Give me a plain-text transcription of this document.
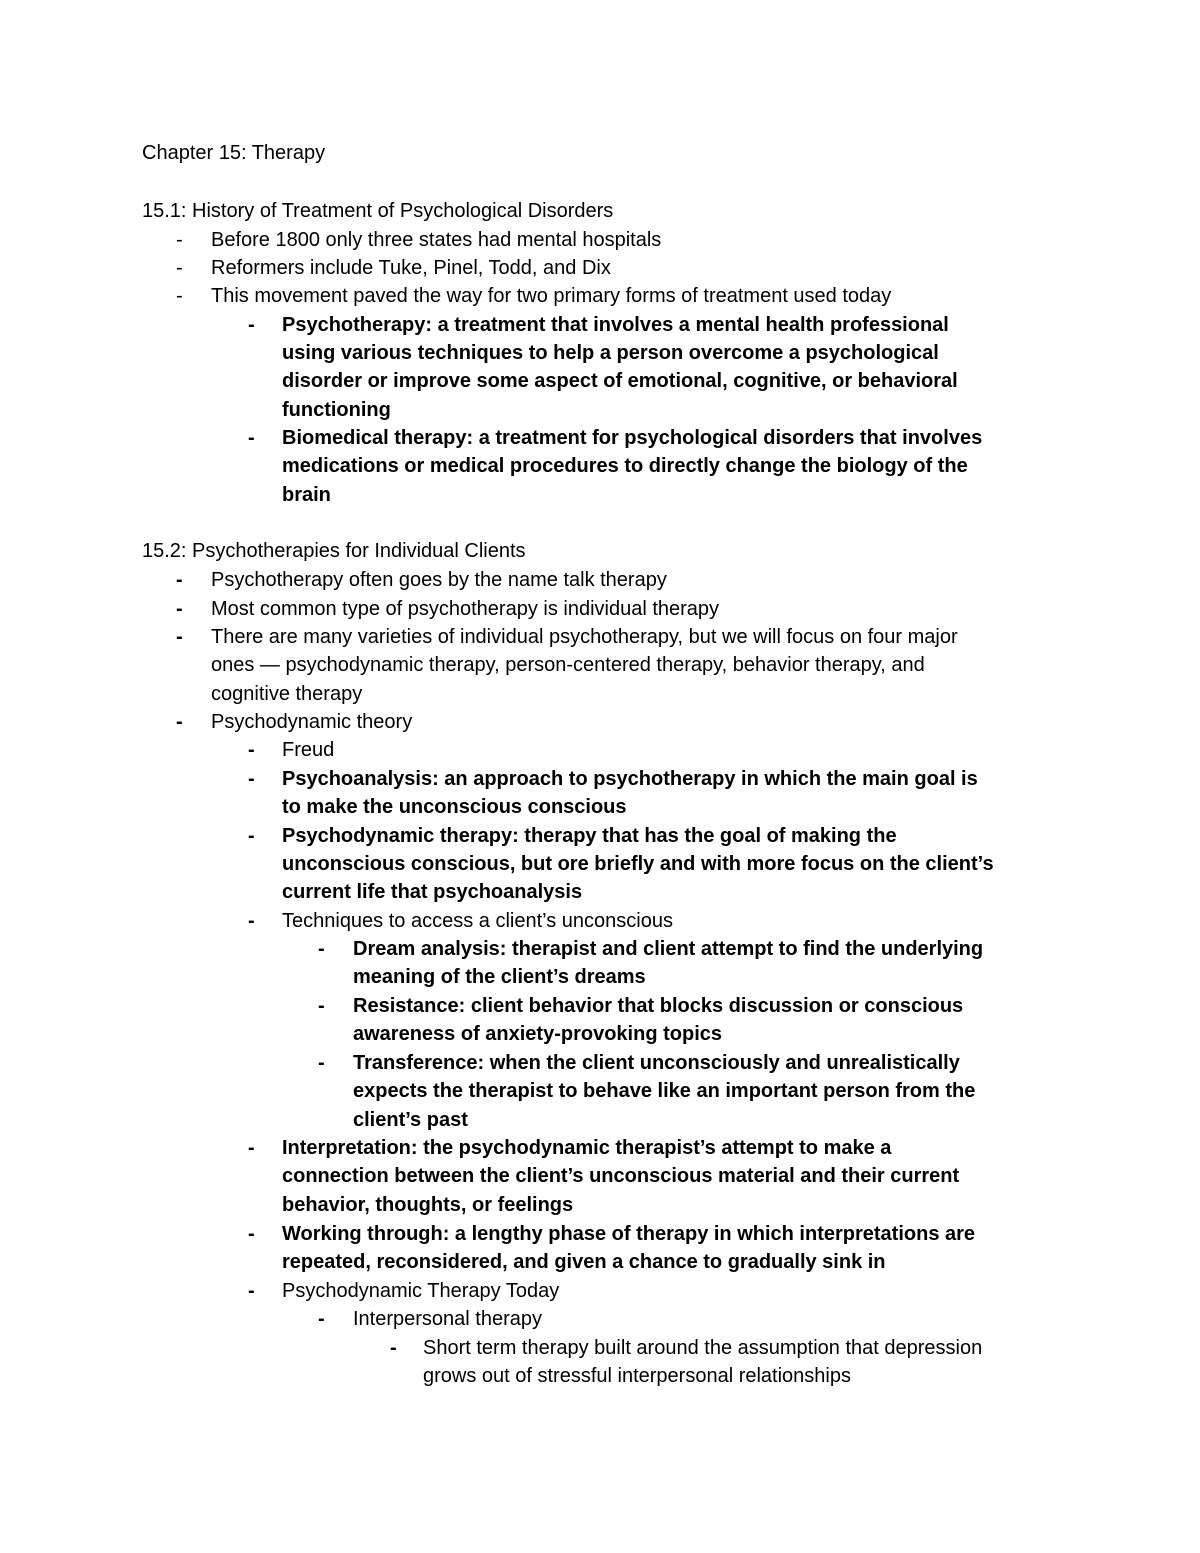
Chapter 15: Therapy
15.1: History of Treatment of Psychological Disorders
- Before 1800 only three states had mental hospitals
- Reformers include Tuke, Pinel, Todd, and Dix
- This movement paved the way for two primary forms of treatment used today
- Psychotherapy: a treatment that involves a mental health professional
using various techniques to help a person overcome a psychological
disorder or improve some aspect of emotional, cognitive, or behavioral
functioning
- Biomedical therapy: a treatment for psychological disorders that involves
medications or medical procedures to directly change the biology of the
brain
15.2: Psychotherapies for Individual Clients
- Psychotherapy often goes by the name talk therapy
- Most common type of psychotherapy is individual therapy
- There are many varieties of individual psychotherapy, but we will focus on four major
ones — psychodynamic therapy, person-centered therapy, behavior therapy, and
cognitive therapy
- Psychodynamic theory
- Freud
- Psychoanalysis: an approach to psychotherapy in which the main goal is
to make the unconscious conscious
- Psychodynamic therapy: therapy that has the goal of making the
unconscious conscious, but ore briefly and with more focus on the client’s
current life that psychoanalysis
- Techniques to access a client’s unconscious
- Dream analysis: therapist and client attempt to find the underlying
meaning of the client’s dreams
- Resistance: client behavior that blocks discussion or conscious
awareness of anxiety-provoking topics
- Transference: when the client unconsciously and unrealistically
expects the therapist to behave like an important person from the
client’s past
- Interpretation: the psychodynamic therapist’s attempt to make a
connection between the client’s unconscious material and their current
behavior, thoughts, or feelings
- Working through: a lengthy phase of therapy in which interpretations are
repeated, reconsidered, and given a chance to gradually sink in
- Psychodynamic Therapy Today
- Interpersonal therapy
- Short term therapy built around the assumption that depression
grows out of stressful interpersonal relationships
